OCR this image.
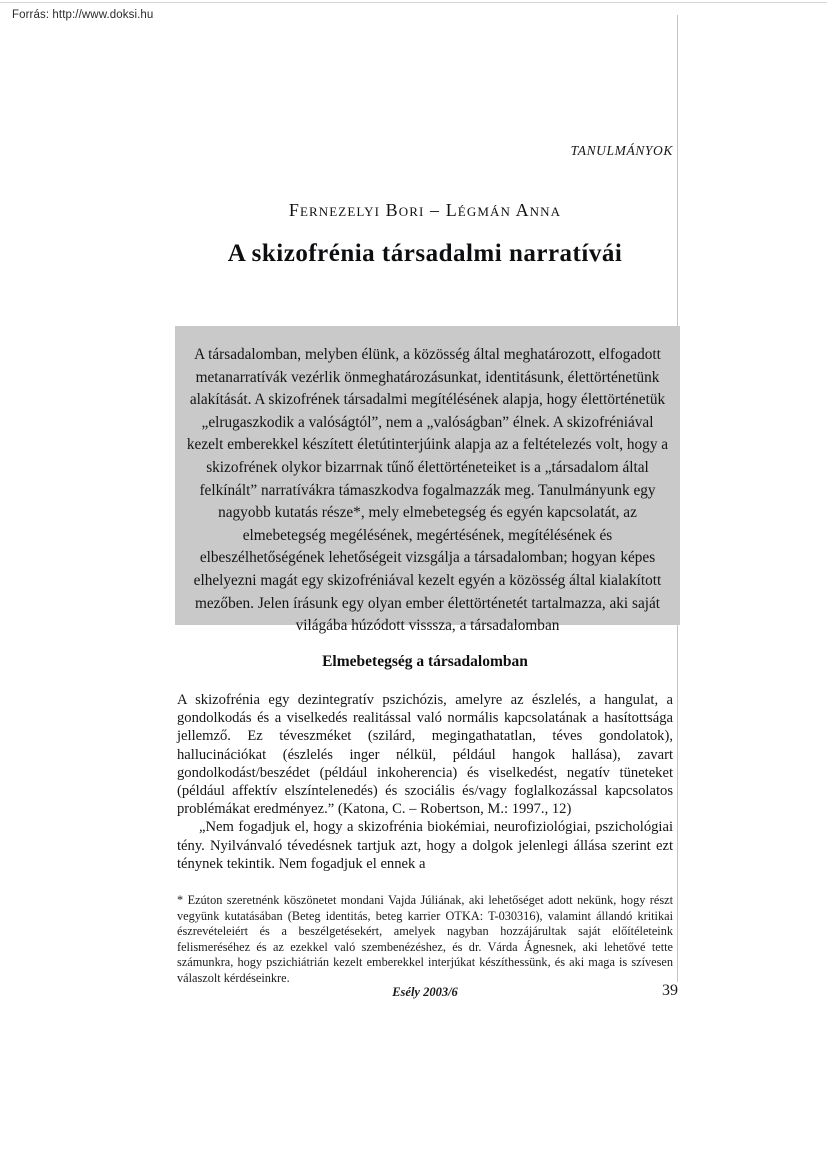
Forrás: http://www.doksi.hu
TANULMÁNYOK
Fernezelyi Bori – Légmán Anna
A skizofrénia társadalmi narratívái
A társadalomban, melyben élünk, a közösség által meghatározott, elfogadott metanarratívák vezérlik önmeghatározásunkat, identitásunk, élettörténetünk alakítását. A skizofrének társadalmi megítélésének alapja, hogy élettörténetük „elrugaszkodik a valóságtól”, nem a „valóságban” élnek. A skizofréniával kezelt emberekkel készített életútinterjúink alapja az a feltételezés volt, hogy a skizofrének olykor bizarrnak tűnő élettörténeteiket is a „társadalom által felkínált” narratívákra támaszkodva fogalmazzák meg. Tanulmányunk egy nagyobb kutatás része*, mely elmebetegség és egyén kapcsolatát, az elmebetegség megélésének, megértésének, megítélésének és elbeszélhetőségének lehetőségeit vizsgálja a társadalomban; hogyan képes elhelyezni magát egy skizofréniával kezelt egyén a közösség által kialakított mezőben. Jelen írásunk egy olyan ember élettörténetét tartalmazza, aki saját világába húzódott visssza, a társadalomban
Elmebetegség a társadalomban

A skizofrénia egy dezintegratív pszichózis, amelyre az észlelés, a hangulat, a gondolkodás és a viselkedés realitással való normális kapcsolatának a hasítottsága jellemző. Ez téveszméket (szilárd, megingathatatlan, téves gondolatok), hallucinációkat (észlelés inger nélkül, például hangok hallása), zavart gondolkodást/beszédet (például inkoherencia) és viselkedést, negatív tüneteket (például affektív elszíntelenedés) és szociális és/vagy foglalkozással kapcsolatos problémákat eredményez.” (Katona, C. – Robertson, M.: 1997., 12)

„Nem fogadjuk el, hogy a skizofrénia biokémiai, neurofiziológiai, pszichológiai tény. Nyilvánvaló tévedésnek tartjuk azt, hogy a dolgok jelenlegi állása szerint ezt ténynek tekintik. Nem fogadjuk el ennek a

* Ezúton szeretnénk köszönetet mondani Vajda Júliának, aki lehetőséget adott nekünk, hogy részt vegyünk kutatásában (Beteg identitás, beteg karrier OTKA: T-030316), valamint állandó kritikai észrevételeiért és a beszélgetésekért, amelyek nagyban hozzájárultak saját előítéleteink felismeréséhez és az ezekkel való szembenézéshez, és dr. Várda Ágnesnek, aki lehetővé tette számunkra, hogy pszichiátrián kezelt emberekkel interjúkat készíthessünk, és aki maga is szívesen válaszolt kérdéseinkre.
Esély 2003/6	39
